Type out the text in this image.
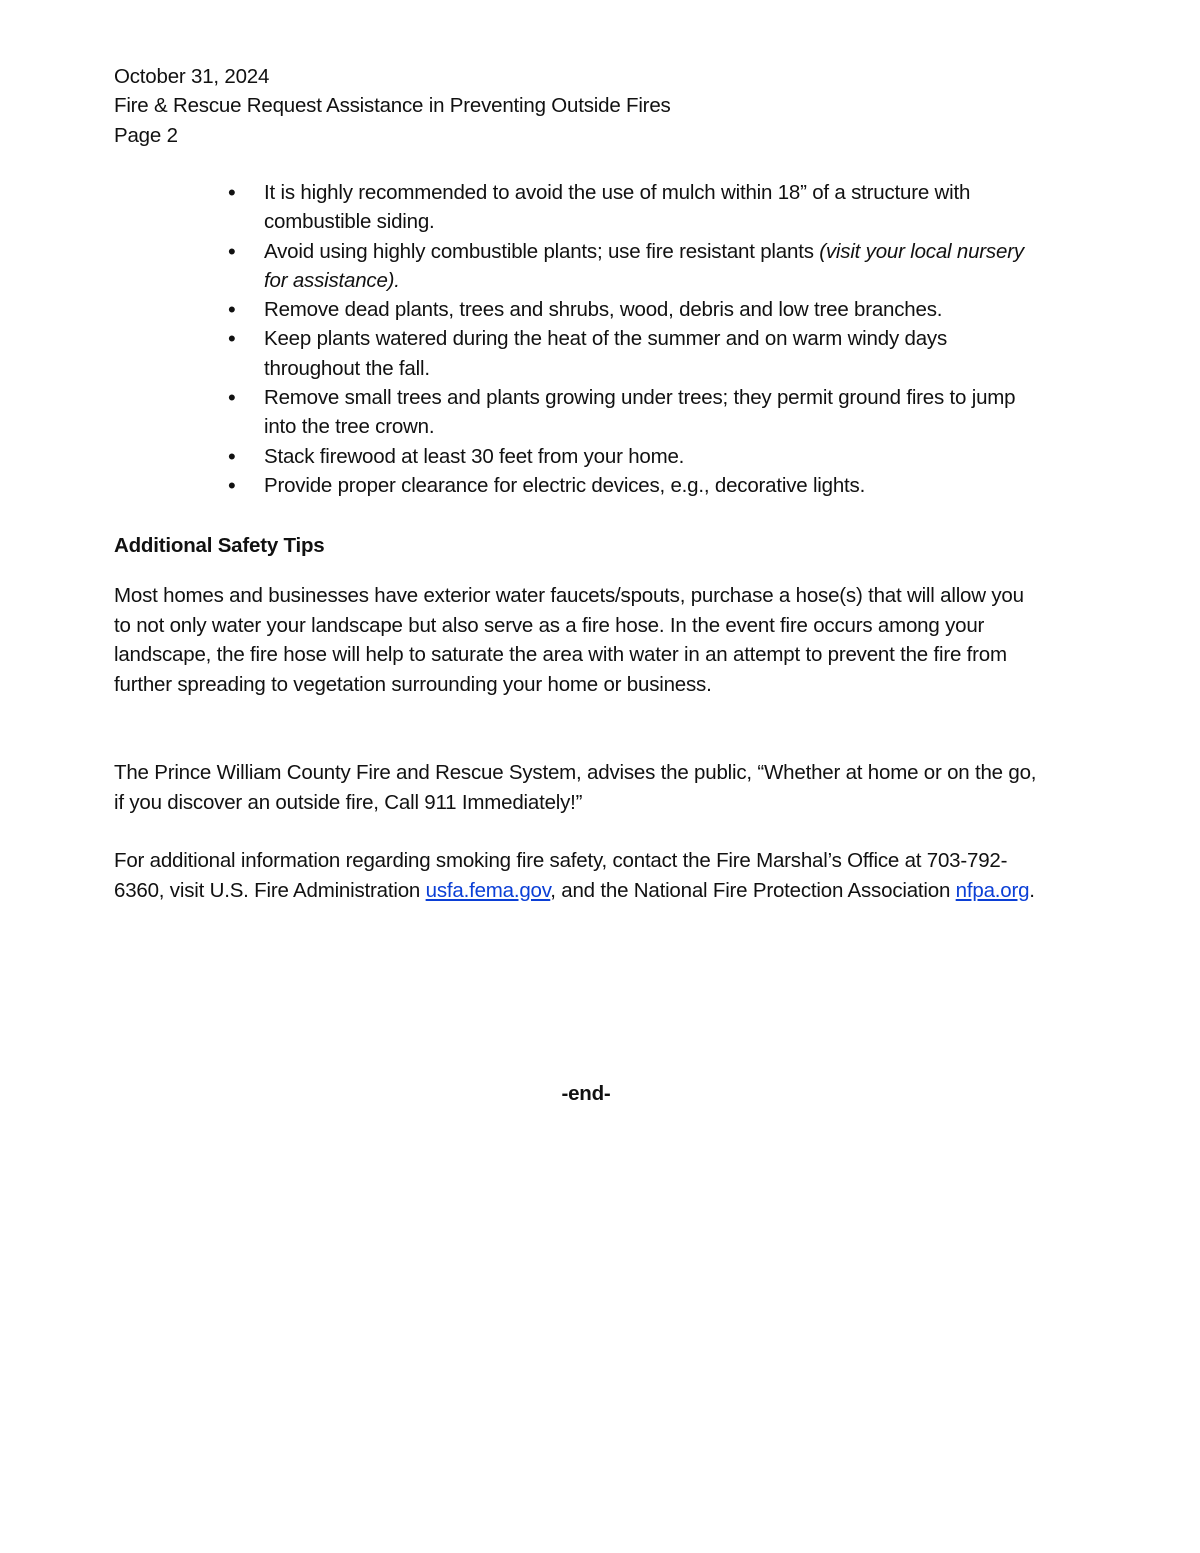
October 31, 2024
Fire & Rescue Request Assistance in Preventing Outside Fires
Page 2
• It is highly recommended to avoid the use of mulch within 18” of a structure with combustible siding.
• Avoid using highly combustible plants; use fire resistant plants (visit your local nursery for assistance).
• Remove dead plants, trees and shrubs, wood, debris and low tree branches.
• Keep plants watered during the heat of the summer and on warm windy days throughout the fall.
• Remove small trees and plants growing under trees; they permit ground fires to jump into the tree crown.
• Stack firewood at least 30 feet from your home.
• Provide proper clearance for electric devices, e.g., decorative lights.
Additional Safety Tips

Most homes and businesses have exterior water faucets/spouts, purchase a hose(s) that will allow you to not only water your landscape but also serve as a fire hose. In the event fire occurs among your landscape, the fire hose will help to saturate the area with water in an attempt to prevent the fire from further spreading to vegetation surrounding your home or business.

The Prince William County Fire and Rescue System, advises the public, “Whether at home or on the go, if you discover an outside fire, Call 911 Immediately!”

For additional information regarding smoking fire safety, contact the Fire Marshal’s Office at 703-792-6360, visit U.S. Fire Administration usfa.fema.gov, and the National Fire Protection Association nfpa.org.

-end-
